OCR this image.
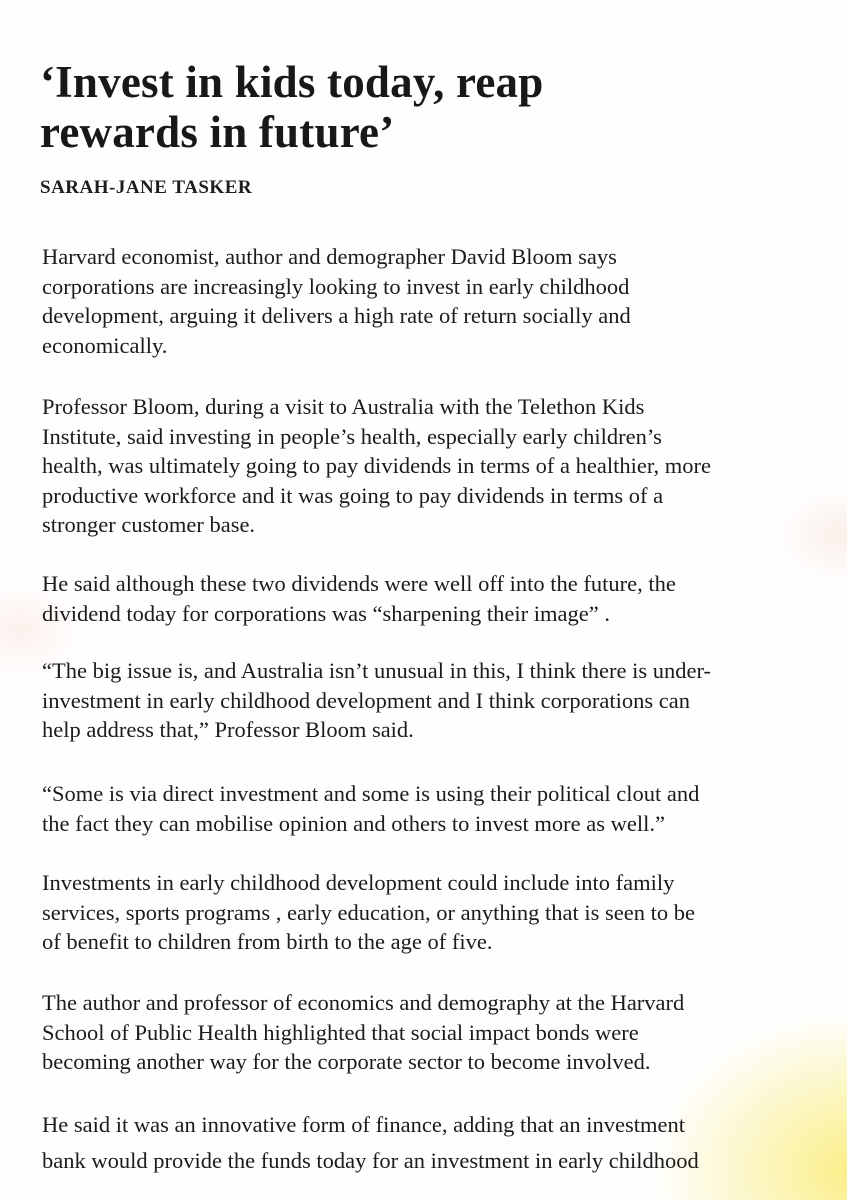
‘Invest in kids today, reap
rewards in future’

SARAH-JANE TASKER

Harvard economist, author and demographer David Bloom says
corporations are increasingly looking to invest in early childhood
development, arguing it delivers a high rate of return socially and
economically.

Professor Bloom, during a visit to Australia with the Telethon Kids
Institute, said investing in people’s health, especially early children’s
health, was ultimately going to pay dividends in terms of a healthier, more
productive workforce and it was going to pay dividends in terms of a
stronger customer base.

He said although these two dividends were well off into the future, the
dividend today for corporations was “sharpening their image” .

“The big issue is, and Australia isn’t unusual in this, I think there is under-
investment in early childhood development and I think corporations can
help address that,” Professor Bloom said.

“Some is via direct investment and some is using their political clout and
the fact they can mobilise opinion and others to invest more as well.”

Investments in early childhood development could include into family
services, sports programs , early education, or anything that is seen to be
of benefit to children from birth to the age of five.

The author and professor of economics and demography at the Harvard
School of Public Health highlighted that social impact bonds were
becoming another way for the corporate sector to become involved.

He said it was an innovative form of finance, adding that an investment
bank would provide the funds today for an investment in early childhood
